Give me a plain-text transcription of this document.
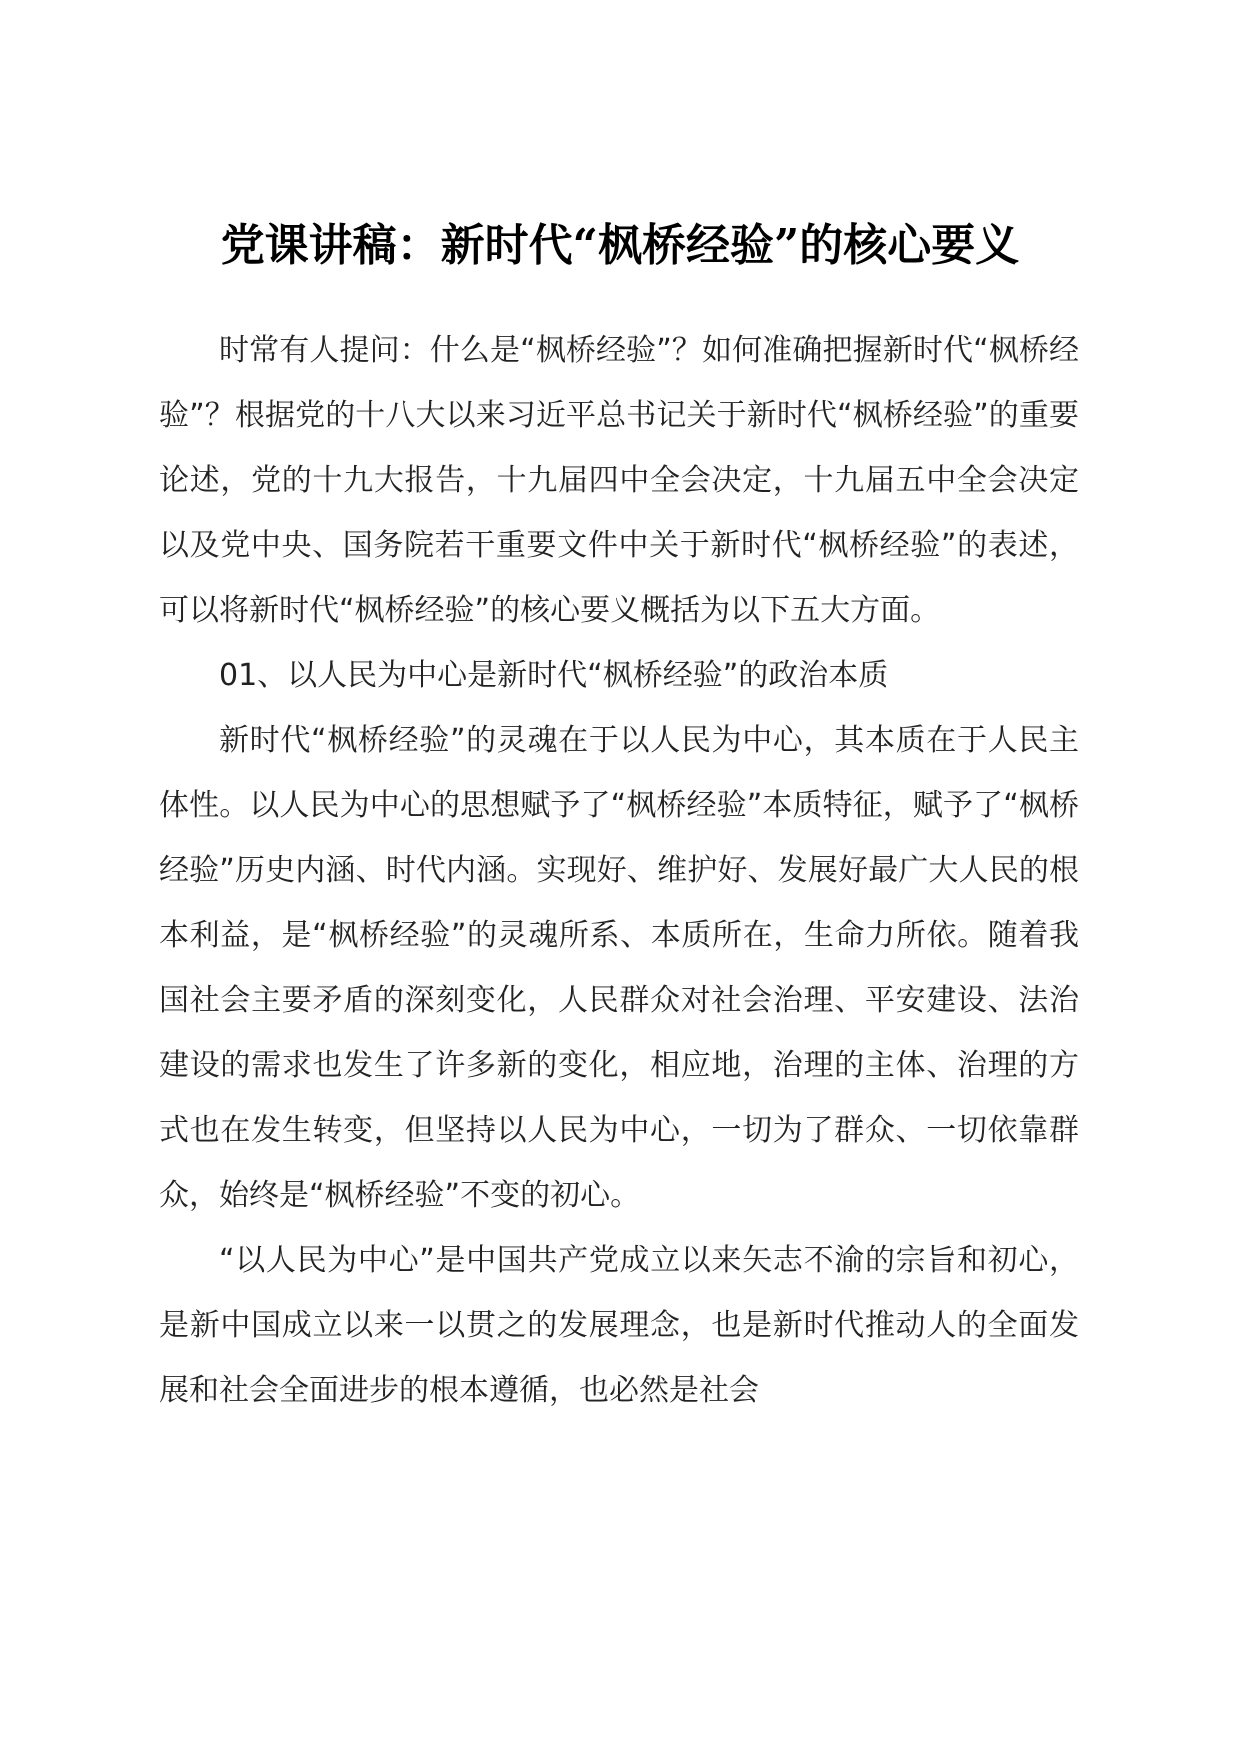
党课讲稿：新时代“枫桥经验”的核心要义

时常有人提问：什么是“枫桥经验”？如何准确把握新时代“枫桥经验”？根据党的十八大以来习近平总书记关于新时代“枫桥经验”的重要论述，党的十九大报告，十九届四中全会决定，十九届五中全会决定以及党中央、国务院若干重要文件中关于新时代“枫桥经验”的表述，可以将新时代“枫桥经验”的核心要义概括为以下五大方面。

01、以人民为中心是新时代“枫桥经验”的政治本质

新时代“枫桥经验”的灵魂在于以人民为中心，其本质在于人民主体性。以人民为中心的思想赋予了“枫桥经验”本质特征，赋予了“枫桥经验”历史内涵、时代内涵。实现好、维护好、发展好最广大人民的根本利益，是“枫桥经验”的灵魂所系、本质所在，生命力所依。随着我国社会主要矛盾的深刻变化，人民群众对社会治理、平安建设、法治建设的需求也发生了许多新的变化，相应地，治理的主体、治理的方式也在发生转变，但坚持以人民为中心，一切为了群众、一切依靠群众，始终是“枫桥经验”不变的初心。

“以人民为中心”是中国共产党成立以来矢志不渝的宗旨和初心，是新中国成立以来一以贯之的发展理念，也是新时代推动人的全面发展和社会全面进步的根本遵循，也必然是社会
